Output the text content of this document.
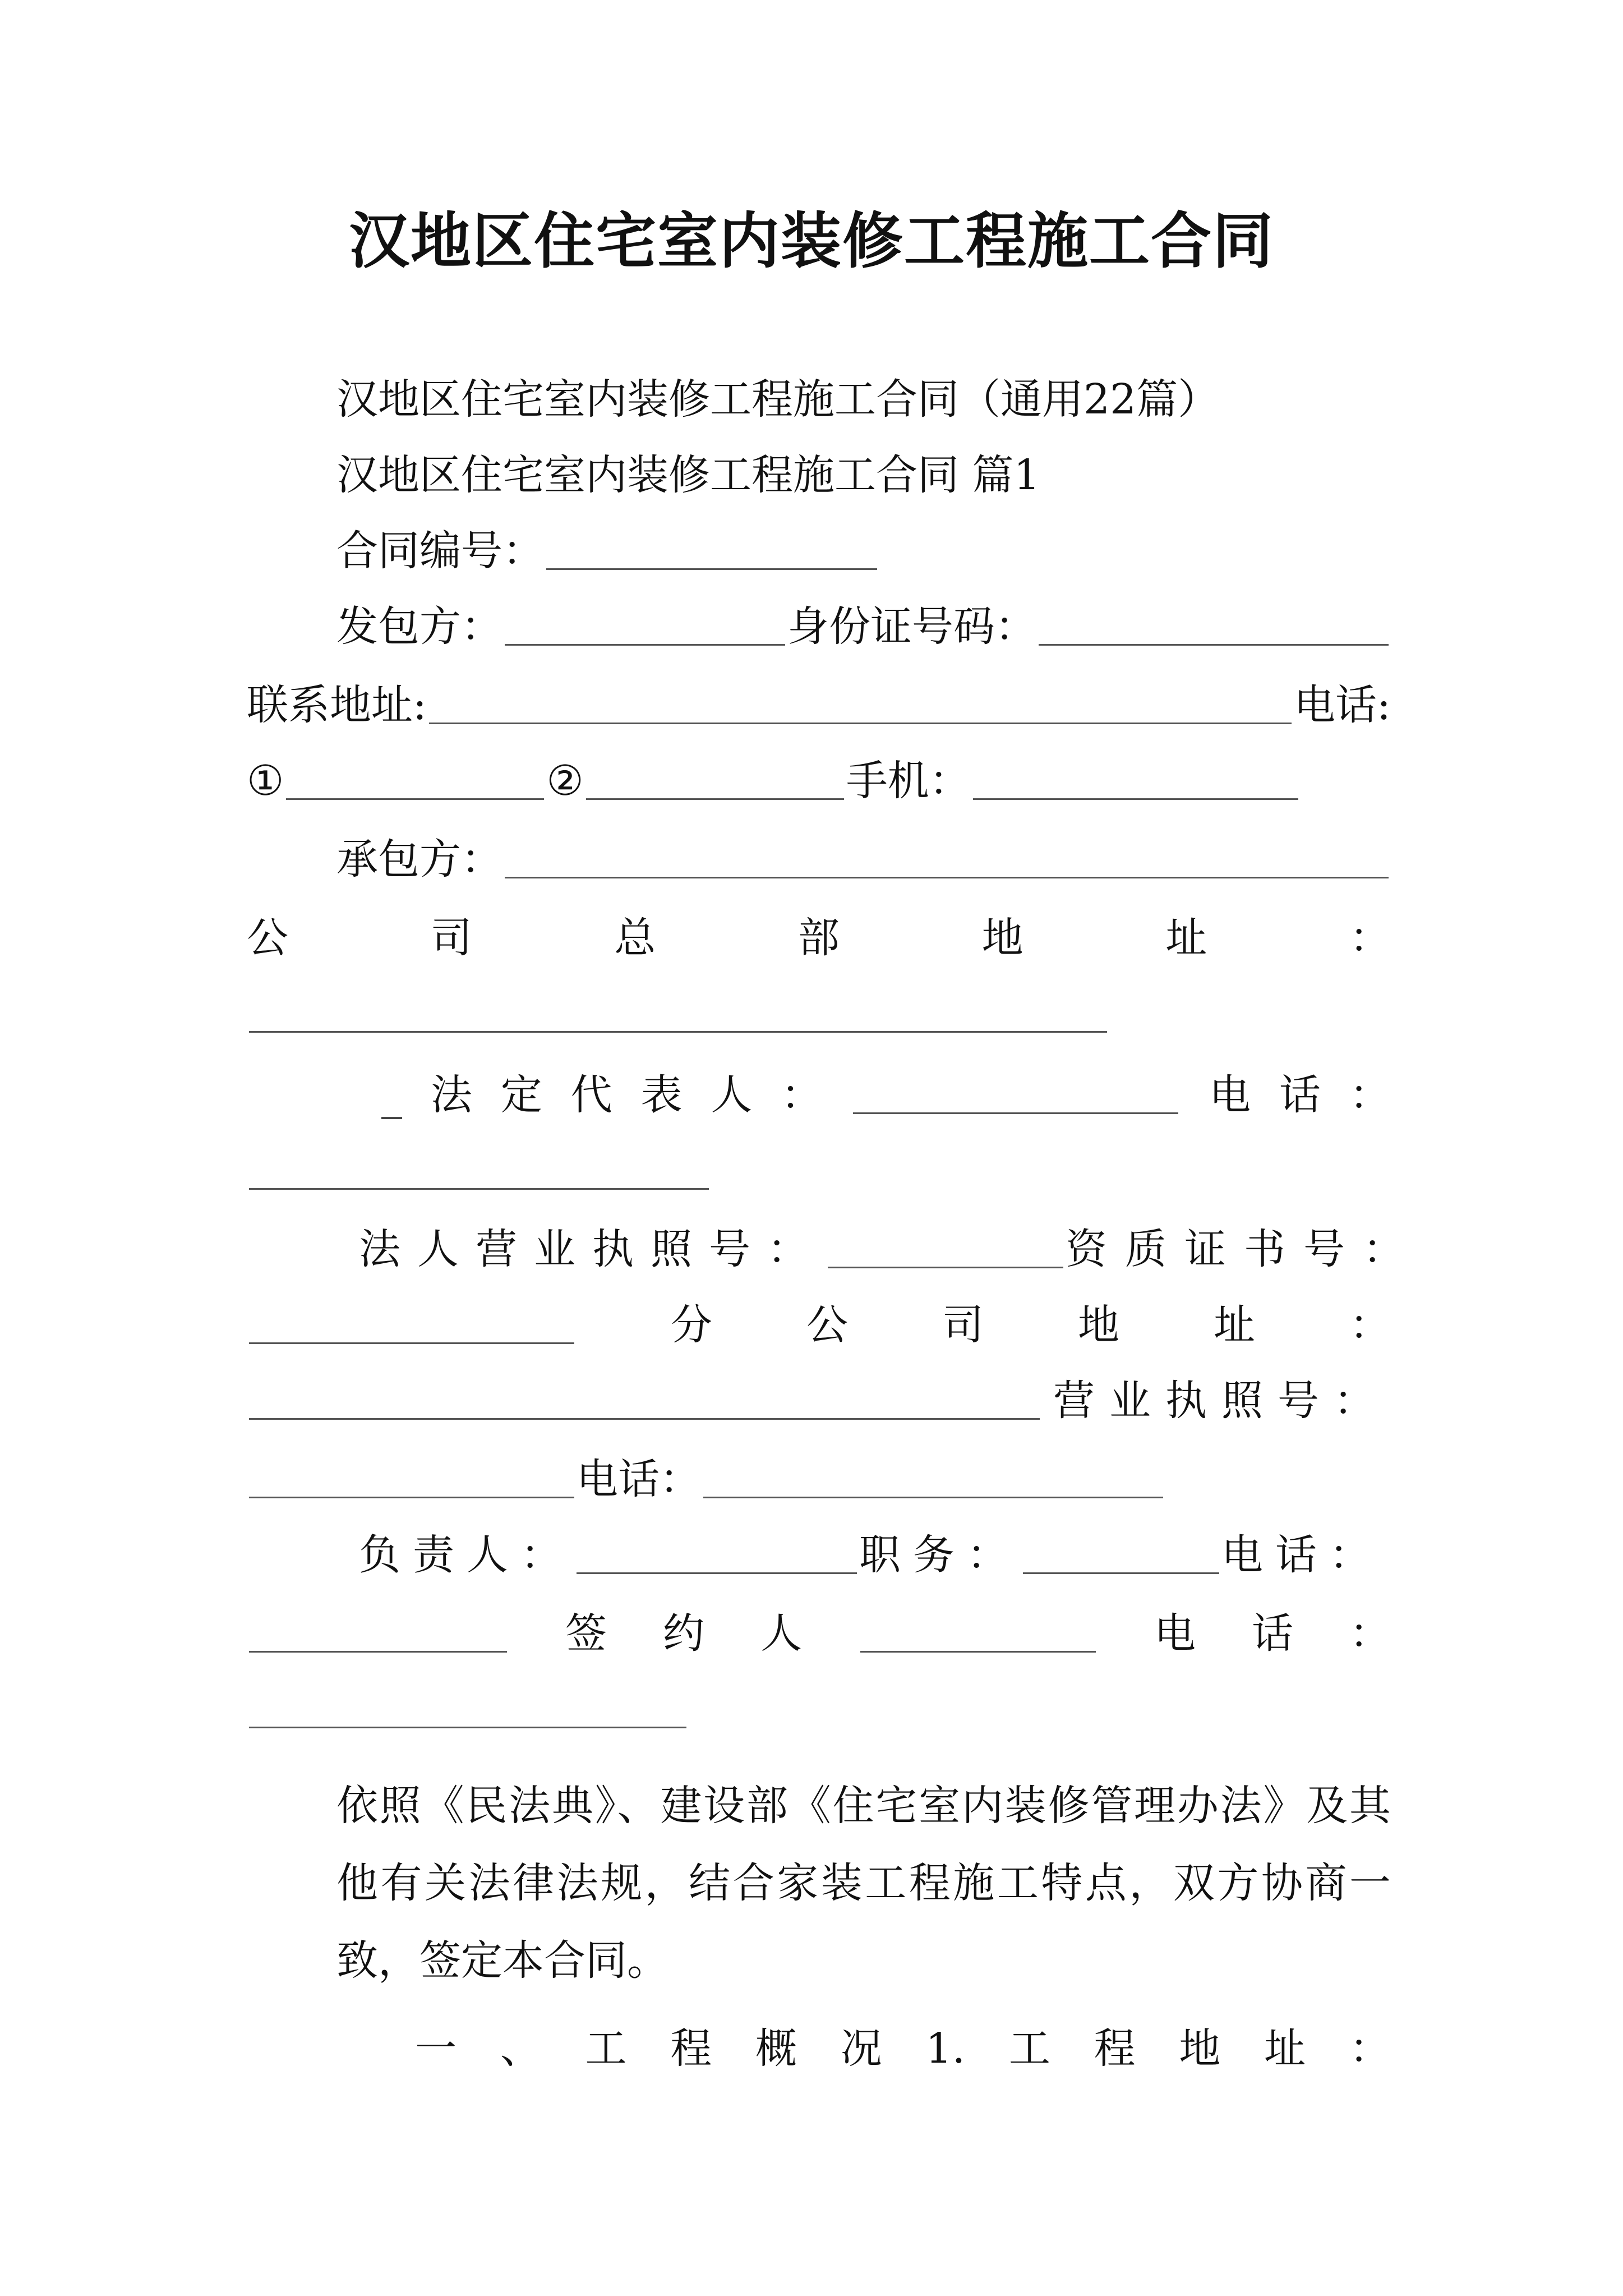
汉地区住宅室内装修工程施工合同
汉地区住宅室内装修工程施工合同（通用22篇）
汉地区住宅室内装修工程施工合同 篇1
合同编号：
发包方：	身份证号码：
联系地址:	电话:
①	②	手机：
承包方：
公	司	总	部	地	址	：
_ 法 定 代 表 人 ：	电 话 ：
法人营业执照号：	资质证书号：
分 公 司 地 址 ：
营业执照号：
电话：
负责人：	职务：	电话：
签 约 人	电 话 ：
依照《民法典》、建设部《住宅室内装修管理办法》及其他有关法律法规，结合家装工程施工特点，双方协商一致，签定本合同。
一 、 工 程 概 况 1. 工 程 地 址 ：
